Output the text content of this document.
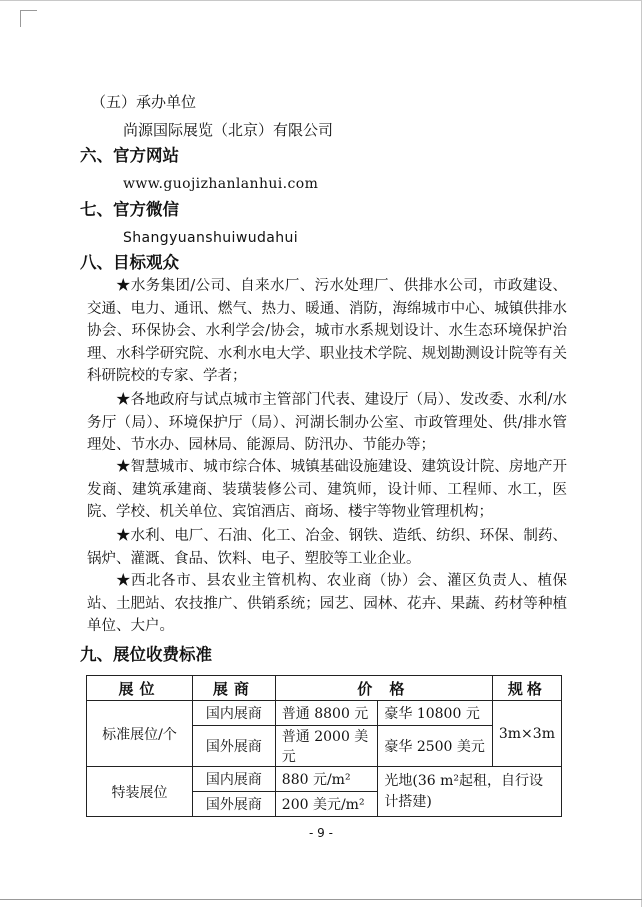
（五）承办单位
尚源国际展览（北京）有限公司
六、官方网站
www.guojizhanlanhui.com
七、官方微信
Shangyuanshuiwudahui
八、目标观众
★水务集团/公司、自来水厂、污水处理厂、供排水公司，市政建设、交通、电力、通讯、燃气、热力、暖通、消防，海绵城市中心、城镇供排水协会、环保协会、水利学会/协会，城市水系规划设计、水生态环境保护治理、水科学研究院、水利水电大学、职业技术学院、规划勘测设计院等有关科研院校的专家、学者；
★各地政府与试点城市主管部门代表、建设厅（局）、发改委、水利/水务厅（局）、环境保护厅（局）、河湖长制办公室、市政管理处、供/排水管理处、节水办、园林局、能源局、防汛办、节能办等；
★智慧城市、城市综合体、城镇基础设施建设、建筑设计院、房地产开发商、建筑承建商、装璜装修公司、建筑师，设计师、工程师、水工，医院、学校、机关单位、宾馆酒店、商场、楼宇等物业管理机构；
★水利、电厂、石油、化工、冶金、钢铁、造纸、纺织、环保、制药、锅炉、灌溉、食品、饮料、电子、塑胶等工业企业。
★西北各市、县农业主管机构、农业商（协）会、灌区负责人、植保站、土肥站、农技推广、供销系统；园艺、园林、花卉、果蔬、药材等种植单位、大户。
九、展位收费标准
展位	展商	价 格		规格
标准展位/个	国内展商	普通 8800 元	豪华 10800 元	3m×3m
	国外展商	普通 2000 美元	豪华 2500 美元	
特装展位	国内展商	880 元/m²	光地(36 m²起租，自行设计搭建)	

	国外展商	200 美元/m²		
- 9 -
